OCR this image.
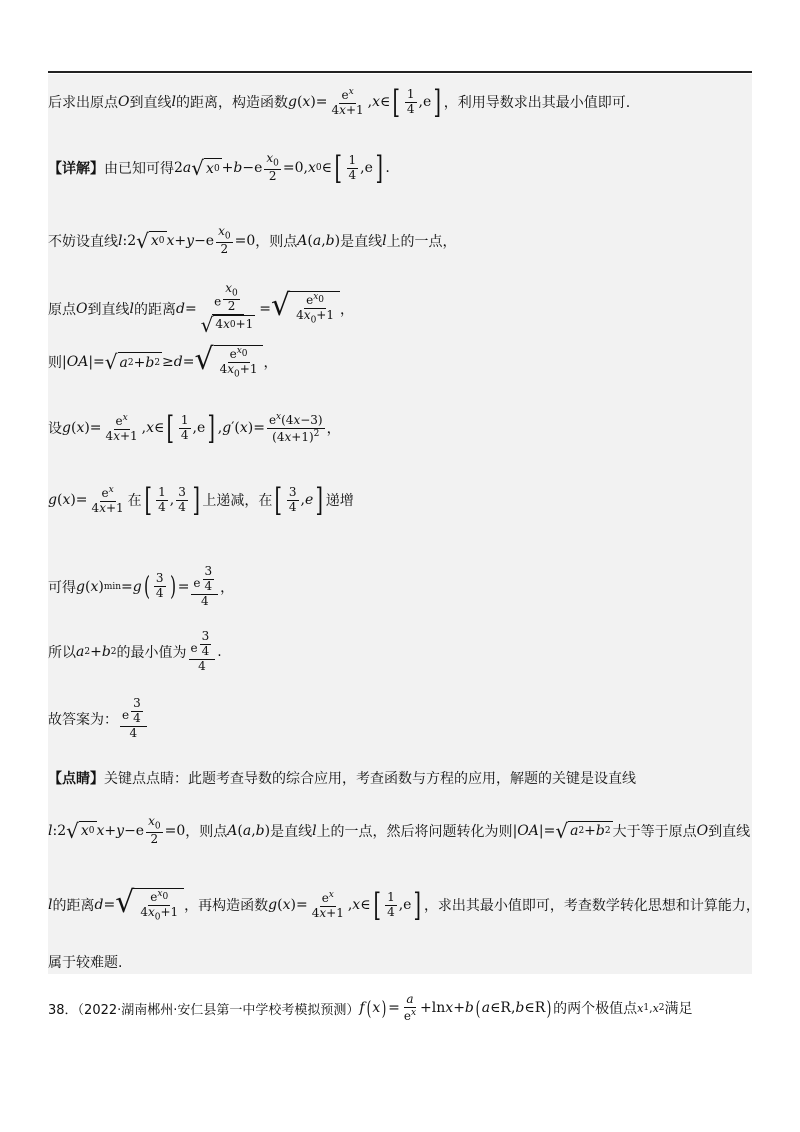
后求出原点 O 到直线 l 的距离，构造函数 g ( x )= $\frac{e^x}{4x+1}$ , x ∈ [ $\frac{1}{4} ,e$ ] ，利用导数求出其最小值即可.
【详解】 由已知可得 2 a √ x $0 + b -e \frac{x_0}{2} =0$, x 0 ∈ [ $\frac{1}{4} ,e$ ] .
不妨设直线 l :2 √ x 0 $x + y -e \frac{x_0}{2} =0$ ，则点 A ( a , b ) 是直线 l 上的一点，
原点 O 到直线 l 的距离 d = e $^{\frac{x_0}{2}}$
√ 4 x 0 +1 = √ $\frac{e^{x_0}}{4x_0+1}$ ，
则 | OA |= √ a 2 + b 2 ≥ d = √ $\frac{e^{x_0}}{4x_0+1}$ ，
设 g ( x )= $\frac{e^x}{4x+1}$ , x ∈ [ $\frac{1}{4} ,e$ ] , g ′( x )= $\frac{e^x(4x-3)}{(4x+1)^2}$ ，
g ( x )= $\frac{e^x}{4x+1}$ 在 [ $\frac{1}{4}$ , $\frac{3}{4}$ ] 上递减，在 [ $\frac{3}{4}$ , e ] 递增
可得 g ( x ) min = g ( $\frac{3}{4}$ ) = e $^{\frac{3}{4}}$
4 ，
所以 a 2 + b 2 的最小值为 e $^{\frac{3}{4}}$
4 .
故答案为： e $^{\frac{3}{4}}$
4
【点睛】 关键点点睛：此题考查导数的综合应用，考查函数与方程的应用，解题的关键是设直线
l :2 √ x 0 $x + y -e \frac{x_0}{2} =0$ ，则点 A ( a , b ) 是直线 l 上的一点，然后将问题转化为则 | OA |= √ a 2 + b 2 大于等于原点 O 到直线
l 的距离 d = √ $\frac{e^{x_0}}{4x_0+1}$ ，再构造函数 g ( x )= $\frac{e^x}{4x+1}$ , x ∈ [ $\frac{1}{4} ,e$ ] ，求出其最小值即可，考查数学转化思想和计算能力，
属于较难题.
38．（2022·湖南郴州·安仁县第一中学校考模拟预测） f ( x ) = $\frac{a}{e^x} +\ln$ x + b ( a ∈R, b ∈R ) 的两个极值点 x 1 , x 2 满足
